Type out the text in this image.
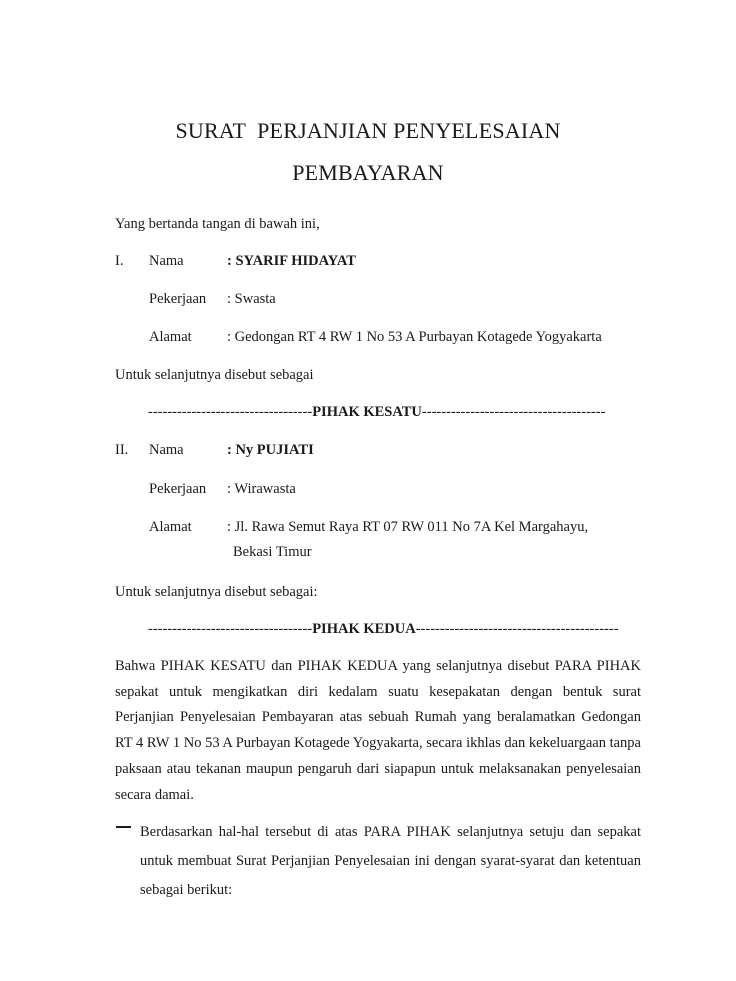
SURAT  PERJANJIAN PENYELESAIAN
PEMBAYARAN
Yang bertanda tangan di bawah ini,
I. Nama	: SYARIF HIDAYAT
Pekerjaan : Swasta
Alamat : Gedongan RT 4 RW 1 No 53 A Purbayan Kotagede Yogyakarta
Untuk selanjutnya disebut sebagai
----------------------------------PIHAK KESATU--------------------------------------
II. Nama	: Ny PUJIATI
Pekerjaan : Wirawasta
Alamat : Jl. Rawa Semut Raya RT 07 RW 011 No 7A Kel Margahayu,
Bekasi Timur
Untuk selanjutnya disebut sebagai:
----------------------------------PIHAK KEDUA------------------------------------------

Bahwa PIHAK KESATU dan PIHAK KEDUA yang selanjutnya disebut PARA PIHAK sepakat untuk mengikatkan diri kedalam suatu kesepakatan dengan bentuk surat Perjanjian Penyelesaian Pembayaran atas sebuah Rumah yang beralamatkan Gedongan RT 4 RW 1 No 53 A Purbayan Kotagede Yogyakarta, secara ikhlas dan kekeluargaan tanpa paksaan atau tekanan maupun pengaruh dari siapapun untuk melaksanakan penyelesaian secara damai.

Berdasarkan hal-hal tersebut di atas PARA PIHAK selanjutnya setuju dan sepakat untuk membuat Surat Perjanjian Penyelesaian ini dengan syarat-syarat dan ketentuan sebagai berikut:
